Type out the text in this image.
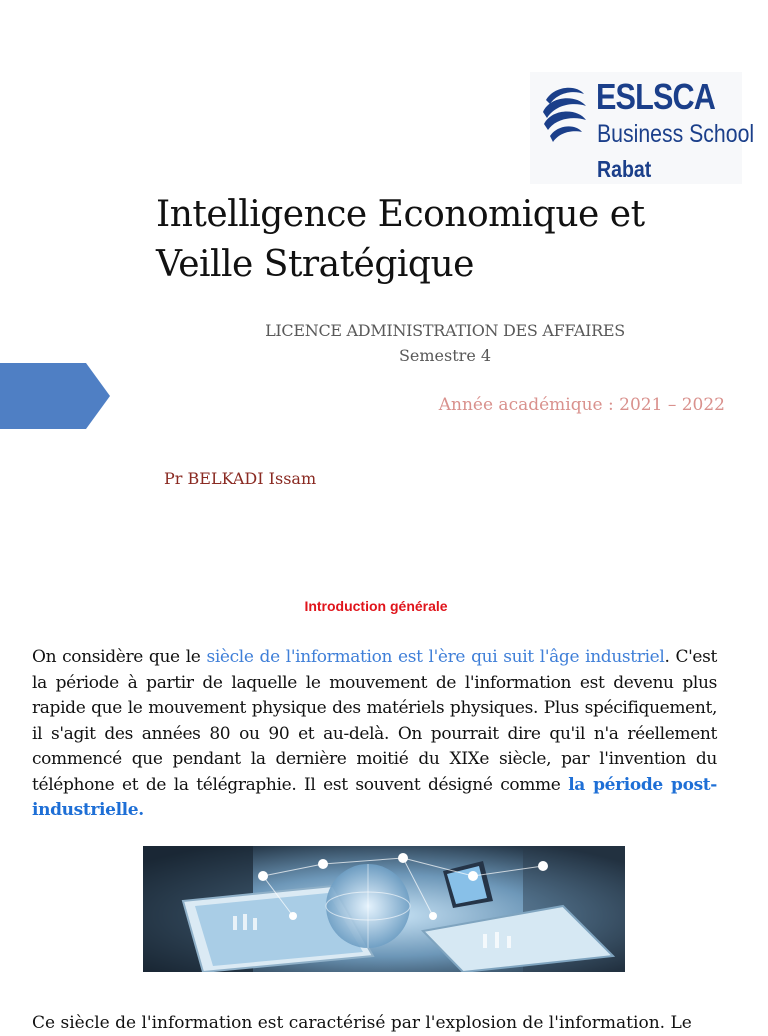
ESLSCA
Business School
Rabat
Intelligence Economique et
Veille Stratégique
LICENCE ADMINISTRATION DES AFFAIRES
Semestre 4
Année académique : 2021 – 2022
Pr BELKADI Issam
Introduction générale

On considère que le siècle de l'information est l'ère qui suit l'âge industriel. C'est la période à partir de laquelle le mouvement de l'information est devenu plus rapide que le mouvement physique des matériels physiques. Plus spécifiquement, il s'agit des années 80 ou 90 et au-delà. On pourrait dire qu'il n'a réellement commencé que pendant la dernière moitié du XIXe siècle, par l'invention du téléphone et de la télégraphie. Il est souvent désigné comme la période post-industrielle.

Ce siècle de l'information est caractérisé par l'explosion de l'information. Le
